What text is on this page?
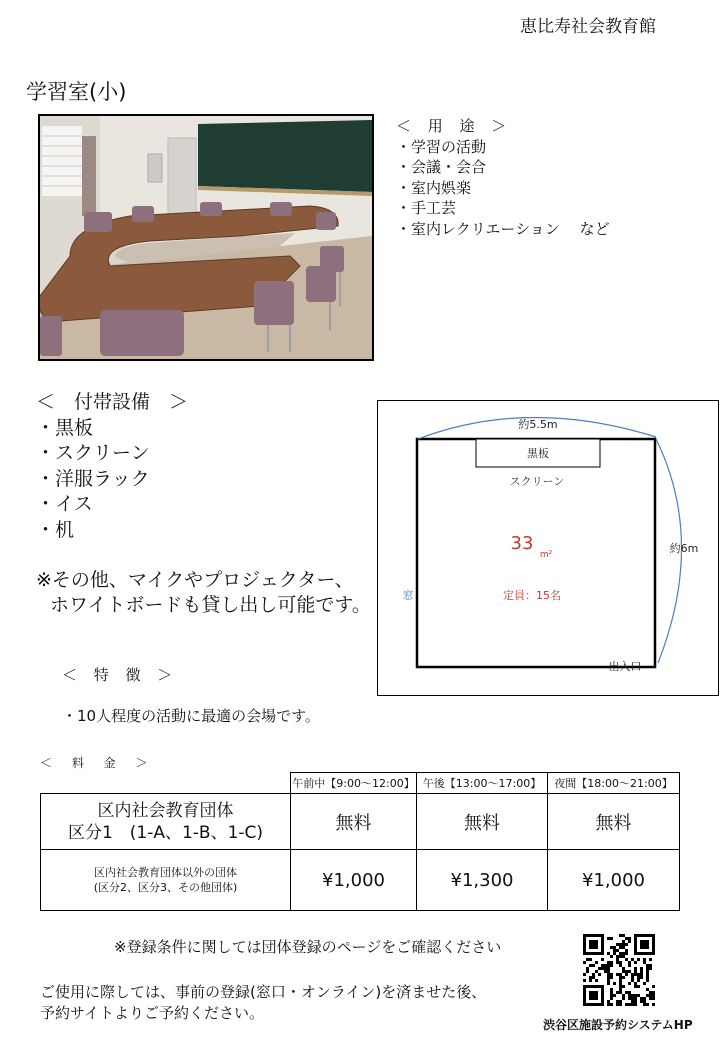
恵比寿社会教育館
学習室(小)
＜ 用 途 ＞
・学習の活動
・会議・会合
・室内娯楽
・手工芸
・室内レクリエーション　 など
＜　付帯設備　＞
・黒板
・スクリーン
・洋服ラック
・イス
・机
※その他、マイクやプロジェクター、
ホワイトボードも貸し出し可能です。
約5.5m
黒板
スクリーン
33
m²
定員：15名
窓
約6m
出入口
＜ 特 徴 ＞
・10人程度の活動に最適の会場です。
＜ 料 金 ＞
	午前中【9:00～12:00】	午後【13:00～17:00】	夜間【18:00～21:00】

区内社会教育団体
区分1　(1-A、1-B、1-C)	無料	無料	無料

区内社会教育団体以外の団体
(区分2、区分3、その他団体)	¥1,000	¥1,300	¥1,000
※登録条件に関しては団体登録のページをご確認ください
ご使用に際しては、事前の登録(窓口・オンライン)を済ませた後、
予約サイトよりご予約ください。
渋谷区施設予約システムHP
